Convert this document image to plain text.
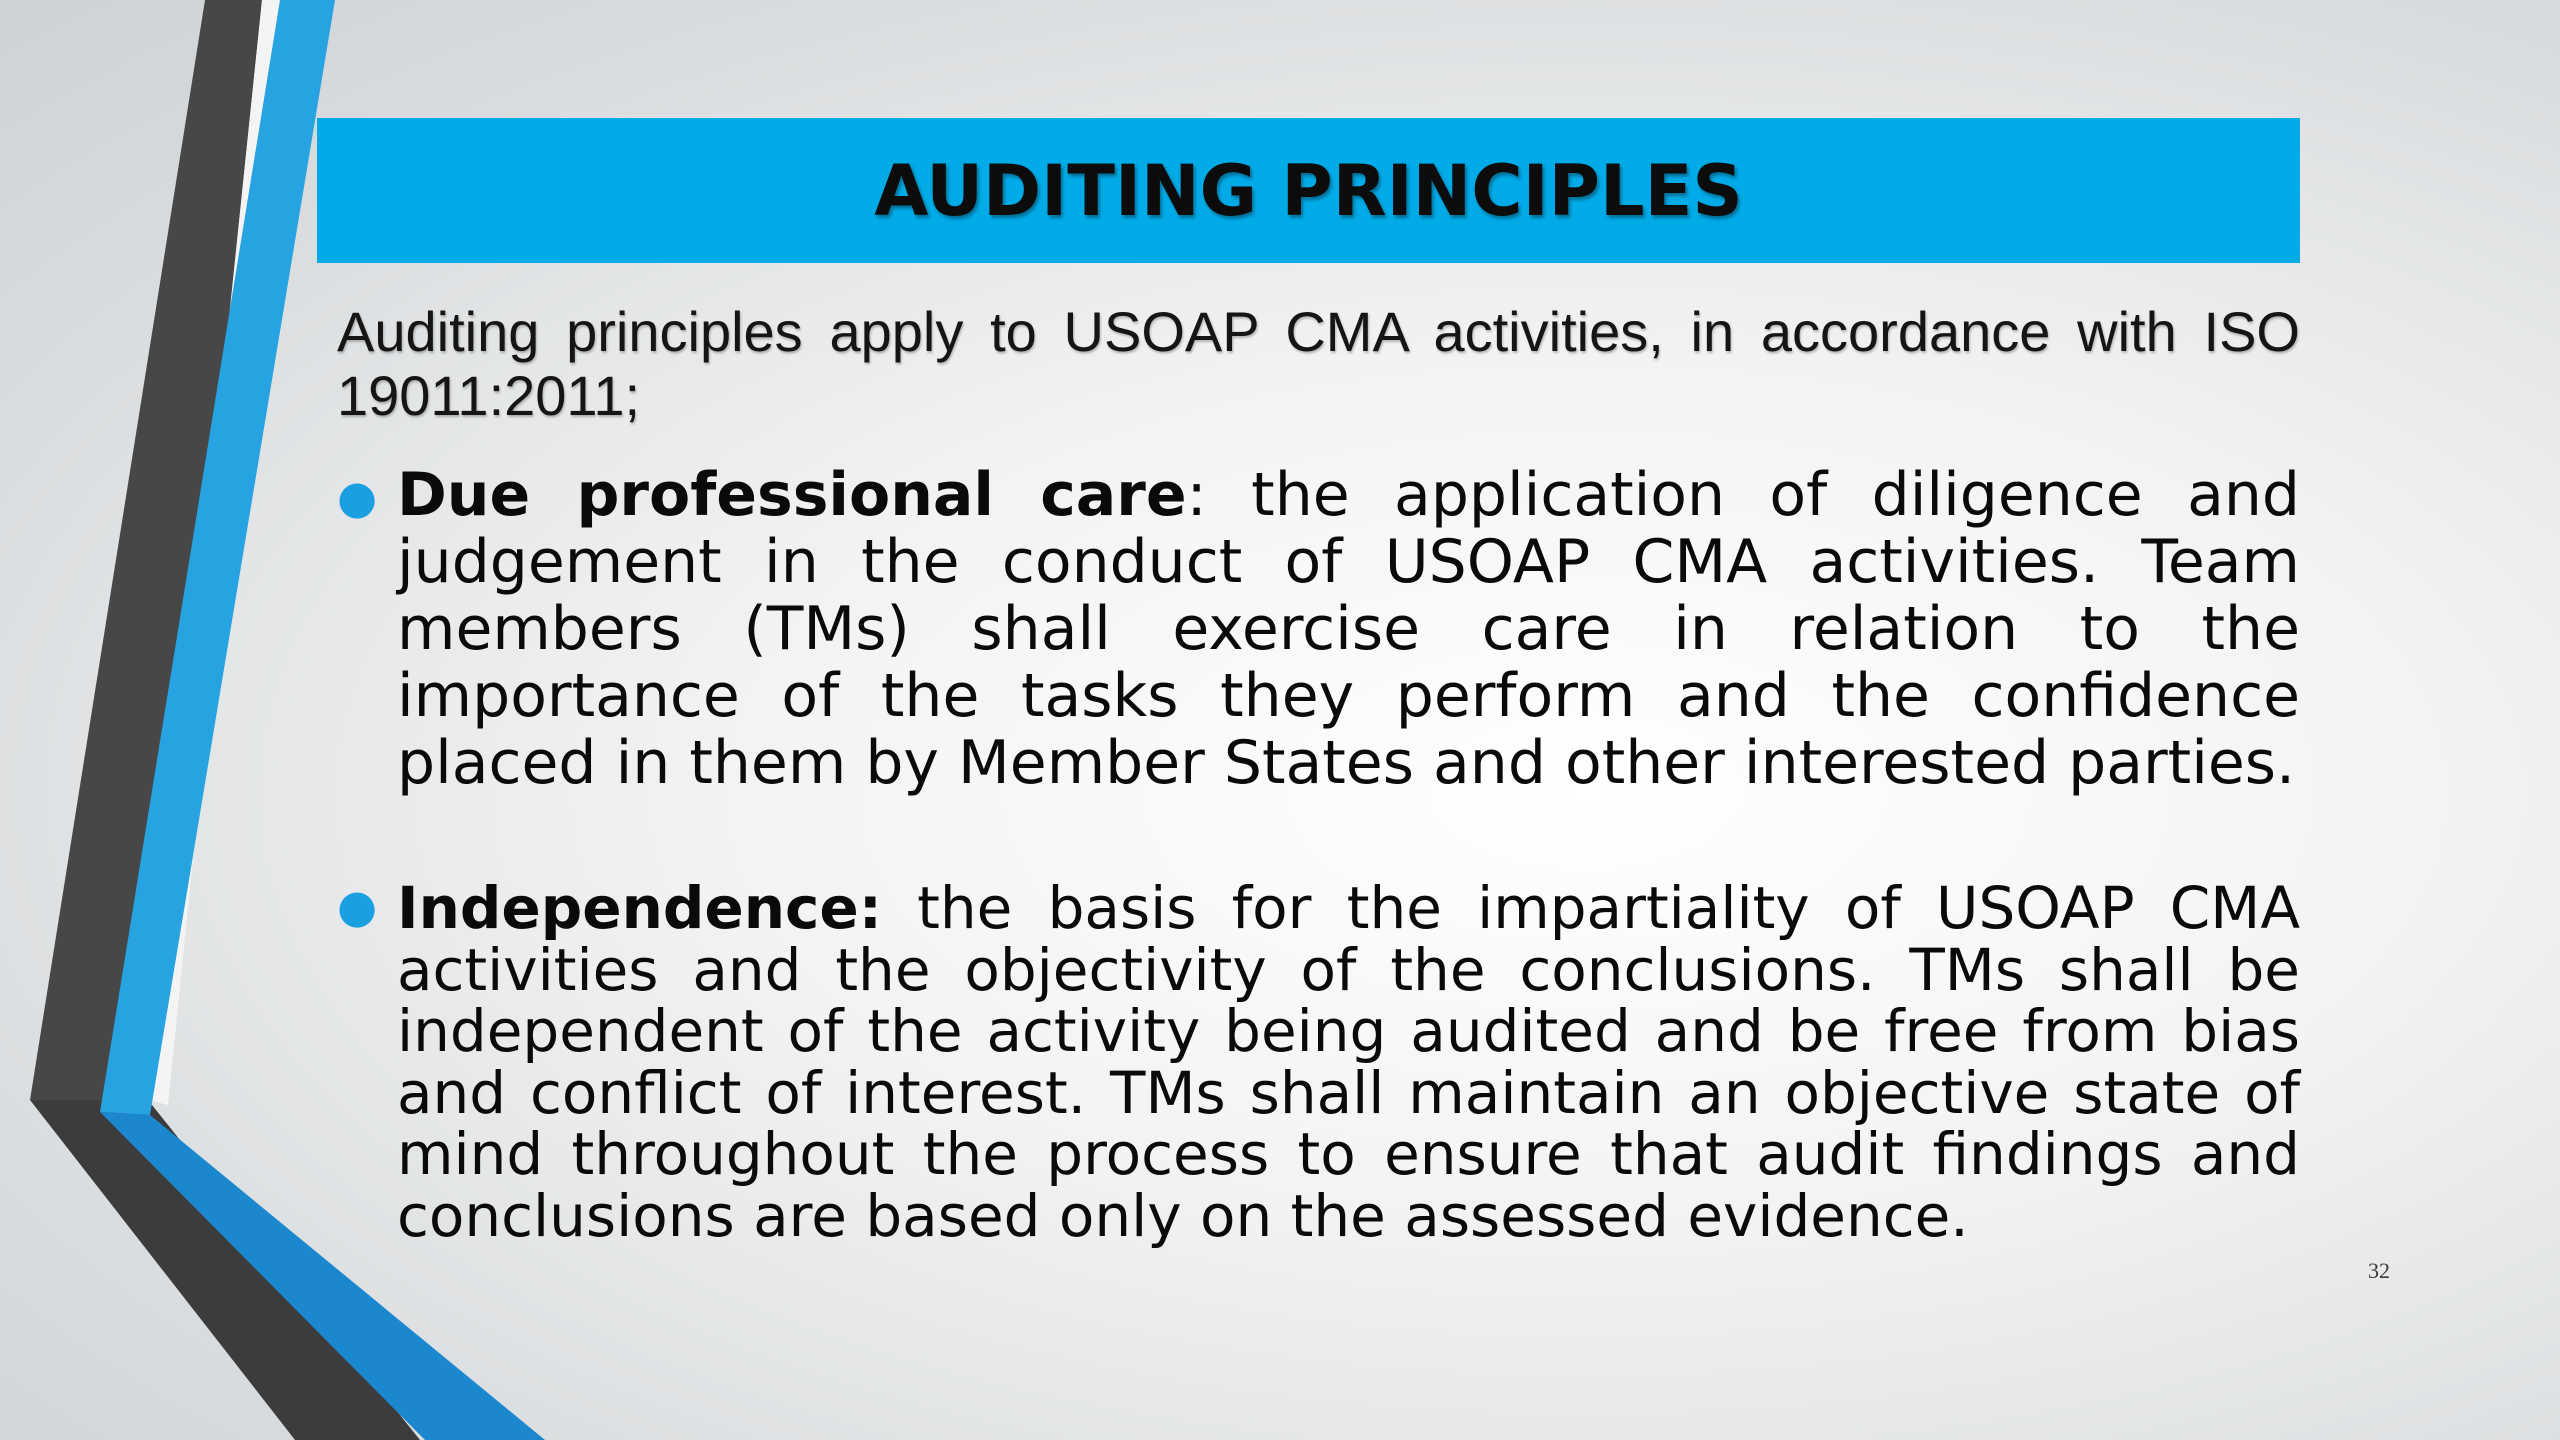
AUDITING PRINCIPLES
Auditing principles apply to USOAP CMA activities, in accordance with ISO 19011:2011;
● Due professional care: the application of diligence and judgement in the conduct of USOAP CMA activities. Team members (TMs) shall exercise care in relation to the importance of the tasks they perform and the confidence placed in them by Member States and other interested parties.
● Independence: the basis for the impartiality of USOAP CMA activities and the objectivity of the conclusions. TMs shall be independent of the activity being audited and be free from bias and conflict of interest. TMs shall maintain an objective state of mind throughout the process to ensure that audit findings and conclusions are based only on the assessed evidence.
32
